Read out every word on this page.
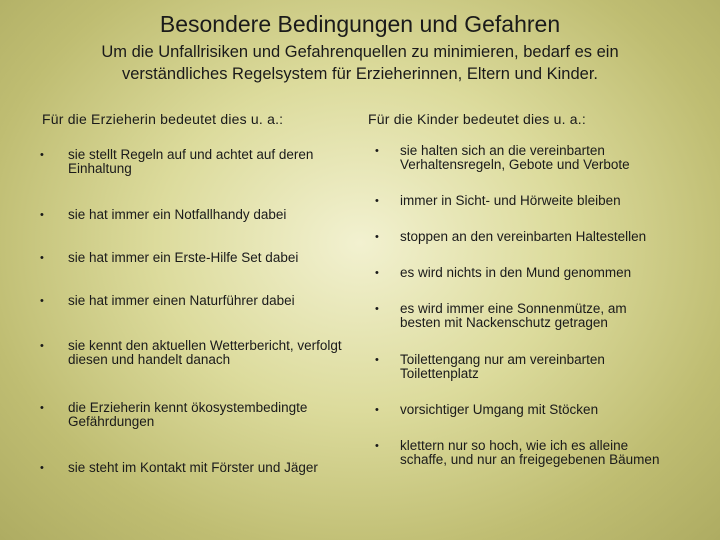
Besondere Bedingungen und Gefahren
Um die Unfallrisiken und Gefahrenquellen zu minimieren, bedarf es ein verständliches Regelsystem für Erzieherinnen, Eltern und Kinder.
Für die Erzieherin bedeutet dies u. a.:	Für die Kinder bedeutet dies u. a.:
• sie stellt Regeln auf und achtet auf deren Einhaltung
• sie hat immer ein Notfallhandy dabei
• sie hat immer ein Erste-Hilfe Set dabei
• sie hat immer einen Naturführer dabei
• sie kennt den aktuellen Wetterbericht, verfolgt diesen und handelt danach
• die Erzieherin kennt ökosystembedingte Gefährdungen
• sie steht im Kontakt mit Förster und Jäger
• sie halten sich an die vereinbarten Verhaltensregeln, Gebote und Verbote
• immer in Sicht- und Hörweite bleiben
• stoppen an den vereinbarten Haltestellen
• es wird nichts in den Mund genommen
• es wird immer eine Sonnenmütze, am besten mit Nackenschutz getragen
• Toilettengang nur am vereinbarten Toilettenplatz
• vorsichtiger Umgang mit Stöcken
• klettern nur so hoch, wie ich es alleine schaffe, und nur an freigegebenen Bäumen
